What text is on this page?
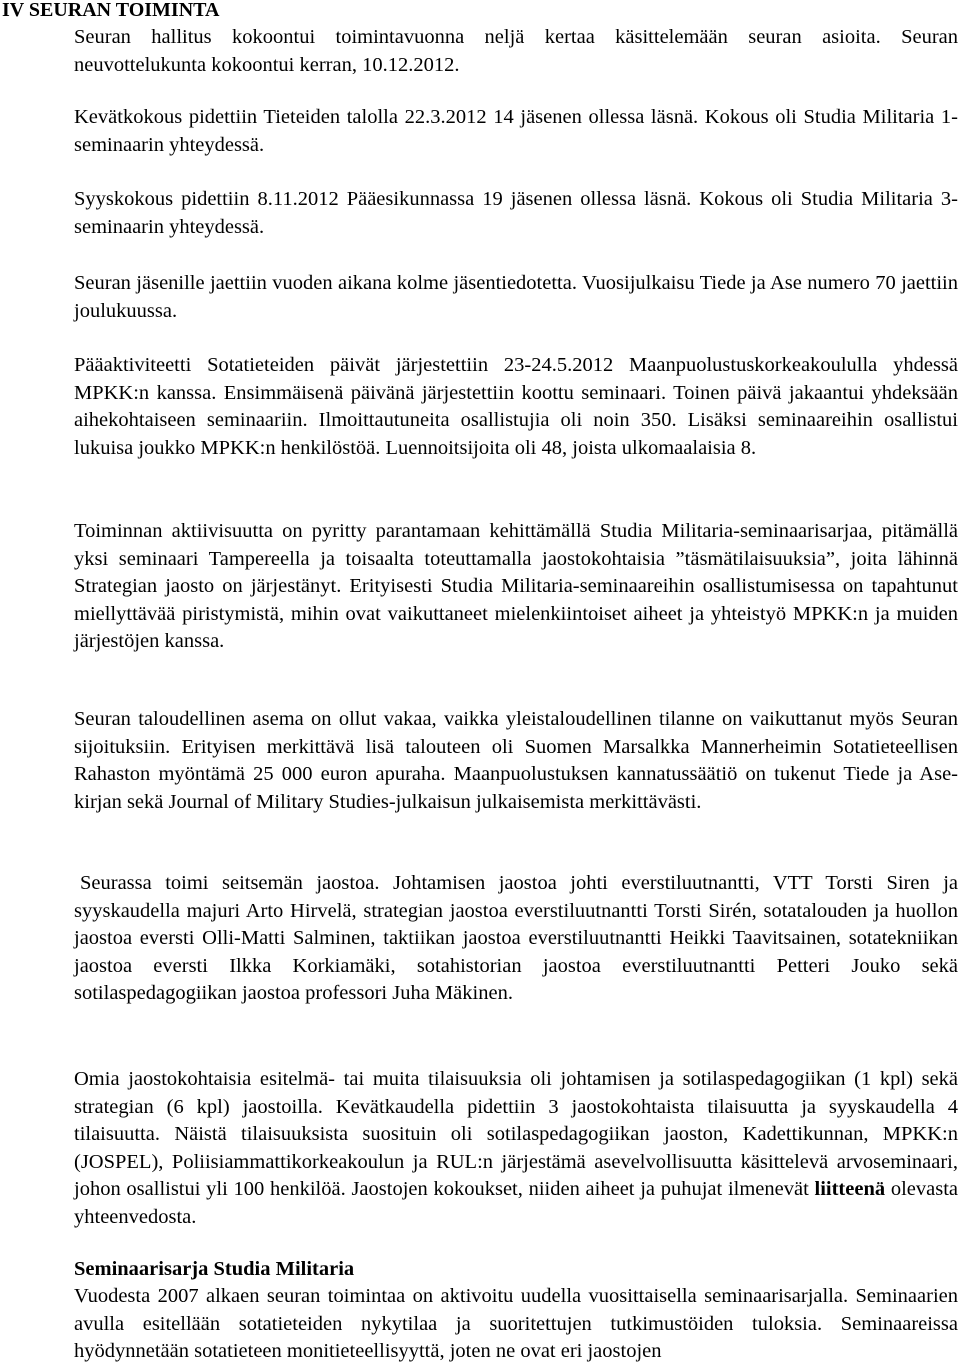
IV SEURAN TOIMINTA

Seuran hallitus kokoontui toimintavuonna neljä kertaa käsittelemään seuran asioita. Seuran neuvottelukunta kokoontui kerran, 10.12.2012.

Kevätkokous pidettiin Tieteiden talolla 22.3.2012 14 jäsenen ollessa läsnä. Kokous oli Studia Militaria 1-seminaarin yhteydessä.

Syyskokous pidettiin 8.11.2012 Pääesikunnassa 19 jäsenen ollessa läsnä. Kokous oli Studia Militaria 3-seminaarin yhteydessä.

Seuran jäsenille jaettiin vuoden aikana kolme jäsentiedotetta. Vuosijulkaisu Tiede ja Ase numero 70 jaettiin joulukuussa.

Pääaktiviteetti Sotatieteiden päivät järjestettiin 23-24.5.2012 Maanpuolustuskorkeakoululla yhdessä MPKK:n kanssa. Ensimmäisenä päivänä järjestettiin koottu seminaari. Toinen päivä jakaantui yhdeksään aihekohtaiseen seminaariin. Ilmoittautuneita osallistujia oli noin 350. Lisäksi seminaareihin osallistui lukuisa joukko MPKK:n henkilöstöä. Luennoitsijoita oli 48, joista ulkomaalaisia 8.

Toiminnan aktiivisuutta on pyritty parantamaan kehittämällä Studia Militaria-seminaarisarjaa, pitämällä yksi seminaari Tampereella ja toisaalta toteuttamalla jaostokohtaisia ”täsmätilaisuuksia”, joita lähinnä Strategian jaosto on järjestänyt. Erityisesti Studia Militaria-seminaareihin osallistumisessa on tapahtunut miellyttävää piristymistä, mihin ovat vaikuttaneet mielenkiintoiset aiheet ja yhteistyö MPKK:n ja muiden järjestöjen kanssa.

Seuran taloudellinen asema on ollut vakaa, vaikka yleistaloudellinen tilanne on vaikuttanut myös Seuran sijoituksiin. Erityisen merkittävä lisä talouteen oli Suomen Marsalkka Mannerheimin Sotatieteellisen Rahaston myöntämä 25 000 euron apuraha. Maanpuolustuksen kannatussäätiö on tukenut Tiede ja Ase-kirjan sekä Journal of Military Studies-julkaisun julkaisemista merkittävästi.

Seurassa toimi seitsemän jaostoa. Johtamisen jaostoa johti everstiluutnantti, VTT Torsti Siren ja syyskaudella majuri Arto Hirvelä, strategian jaostoa everstiluutnantti Torsti Sirén, sotatalouden ja huollon jaostoa eversti Olli-Matti Salminen, taktiikan jaostoa everstiluutnantti Heikki Taavitsainen, sotatekniikan jaostoa eversti Ilkka Korkiamäki, sotahistorian jaostoa everstiluutnantti Petteri Jouko sekä sotilaspedagogiikan jaostoa professori Juha Mäkinen.

Omia jaostokohtaisia esitelmä- tai muita tilaisuuksia oli johtamisen ja sotilaspedagogiikan (1 kpl) sekä strategian (6 kpl) jaostoilla. Kevätkaudella pidettiin 3 jaostokohtaista tilaisuutta ja syyskaudella 4 tilaisuutta. Näistä tilaisuuksista suosituin oli sotilaspedagogiikan jaoston, Kadettikunnan, MPKK:n (JOSPEL), Poliisiammattikorkeakoulun ja RUL:n järjestämä asevelvollisuutta käsittelevä arvoseminaari, johon osallistui yli 100 henkilöä. Jaostojen kokoukset, niiden aiheet ja puhujat ilmenevät liitteenä olevasta yhteenvedosta.

Seminaarisarja Studia Militaria

Vuodesta 2007 alkaen seuran toimintaa on aktivoitu uudella vuosittaisella seminaarisarjalla. Seminaarien avulla esitellään sotatieteiden nykytilaa ja suoritettujen tutkimustöiden tuloksia. Seminaareissa hyödynnetään sotatieteen monitieteellisyyttä, joten ne ovat eri jaostojen
